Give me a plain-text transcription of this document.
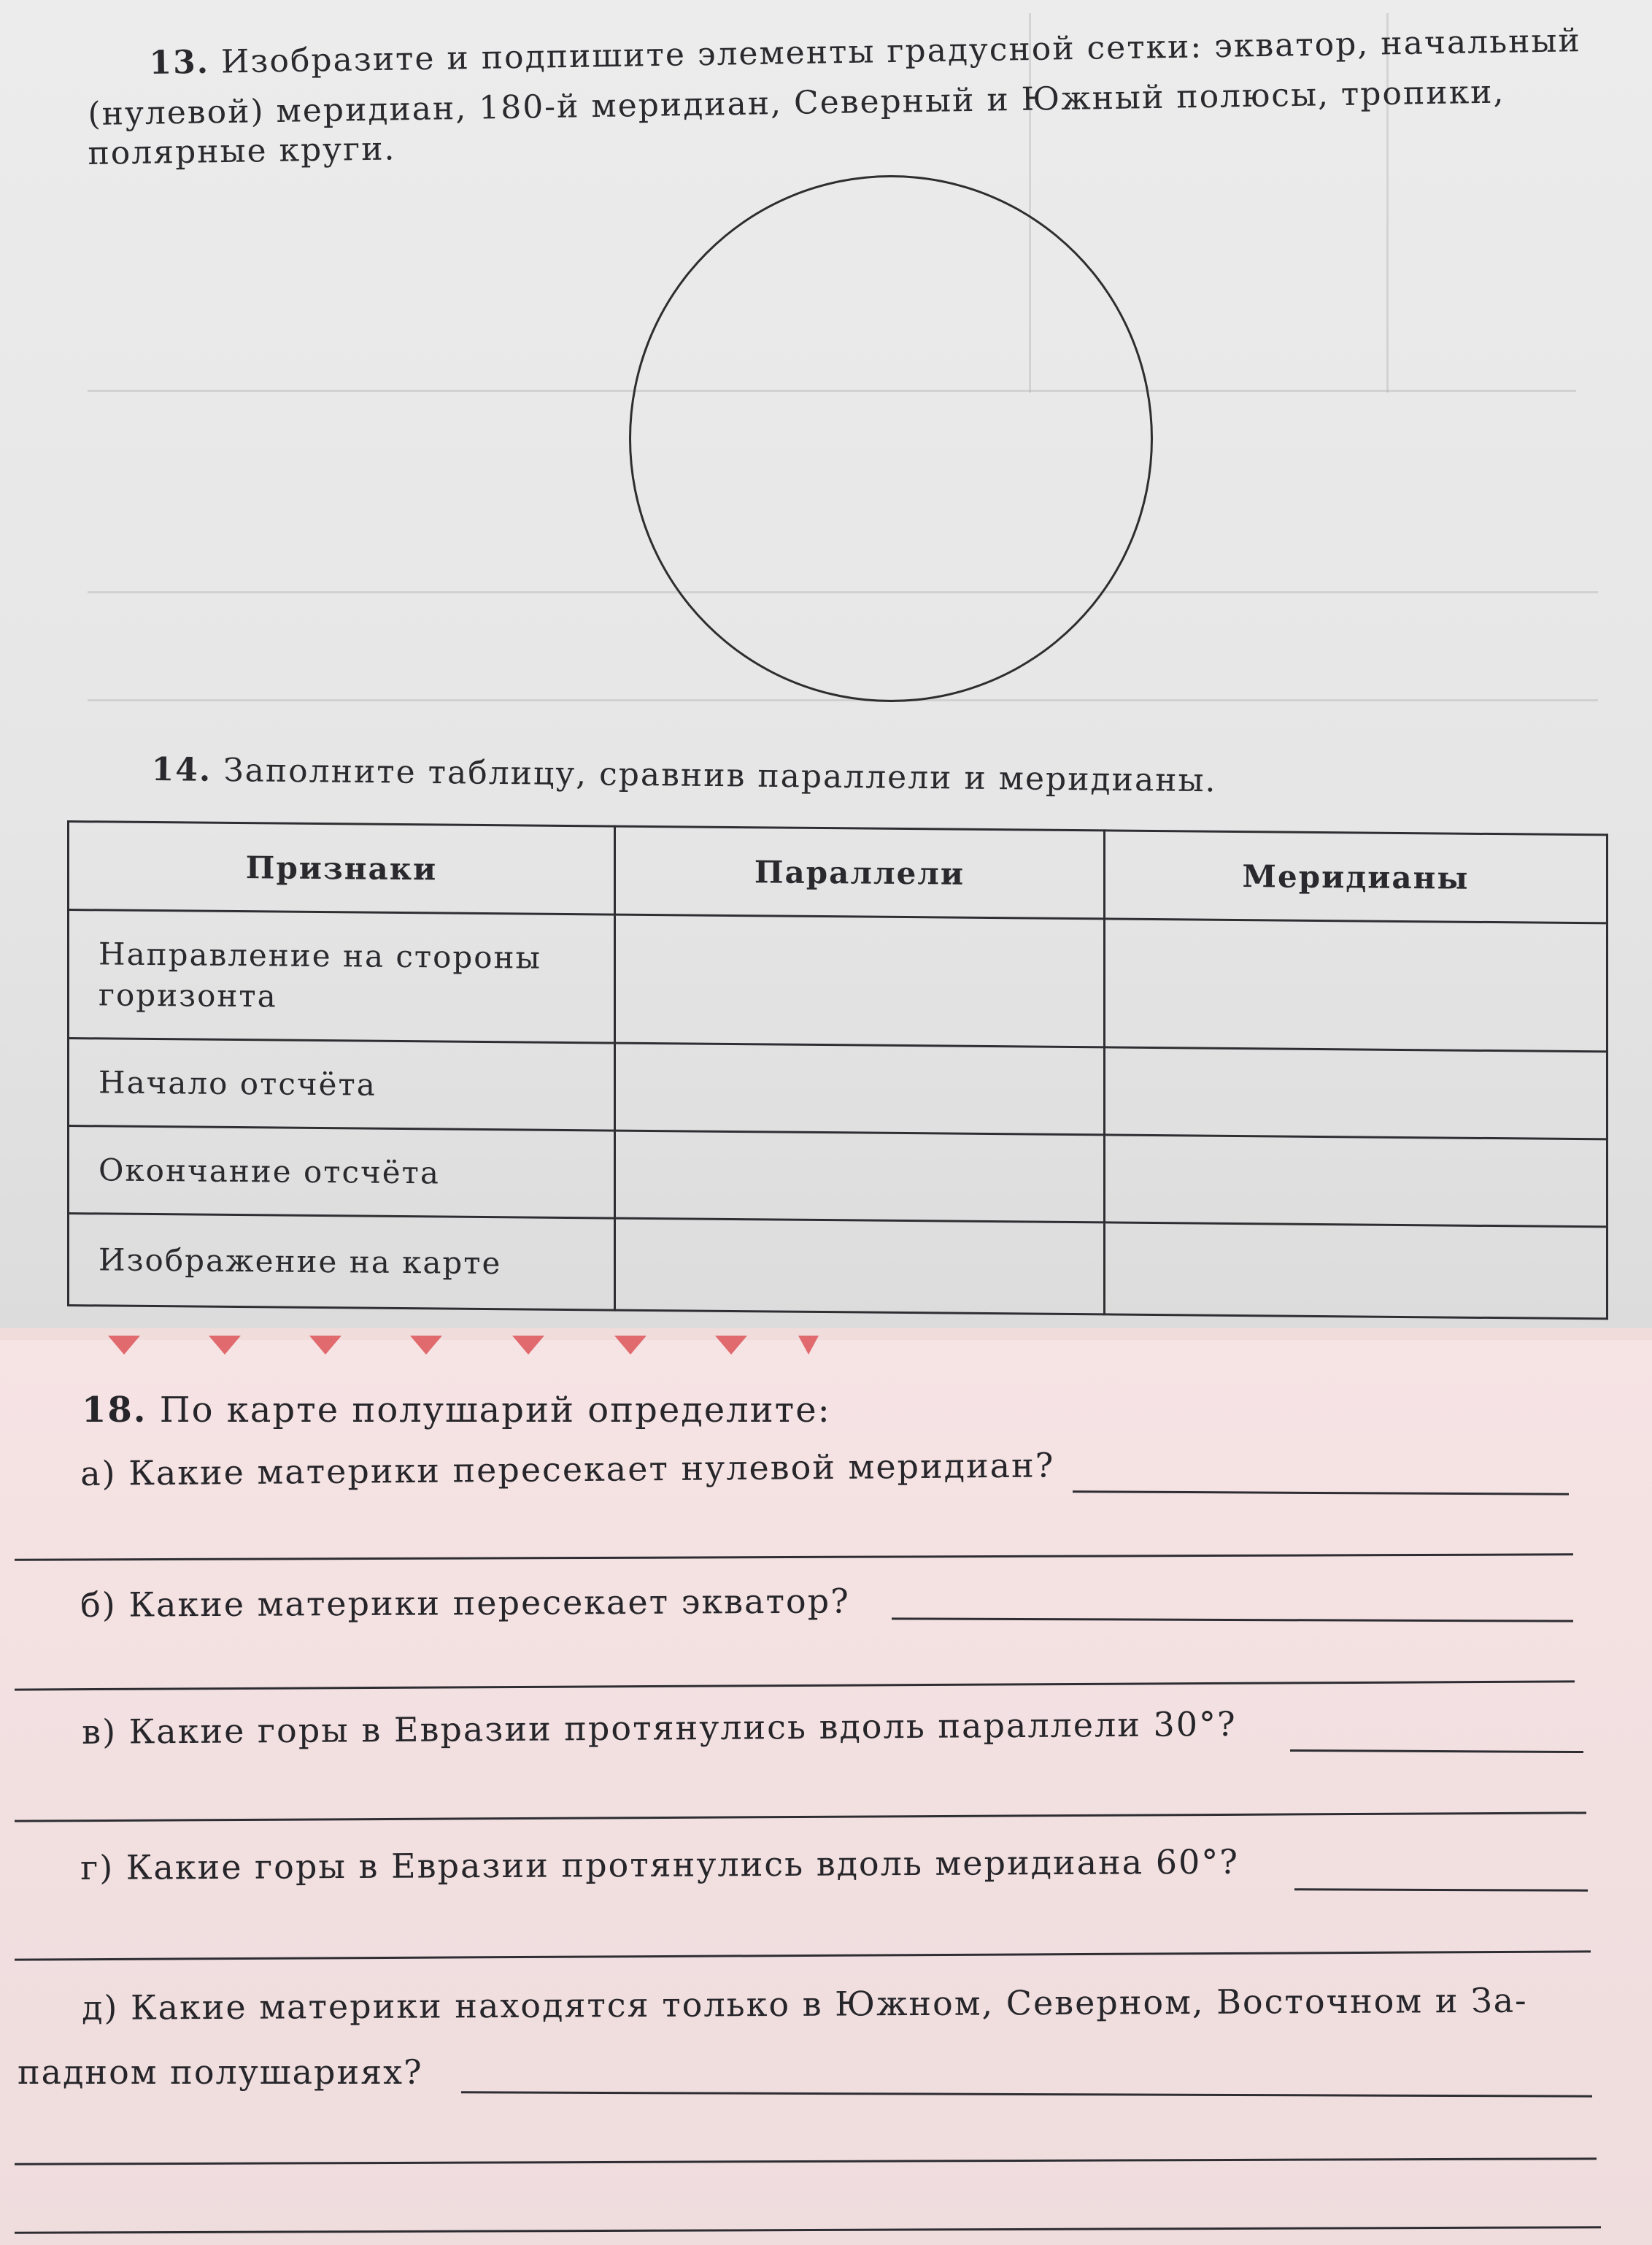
13. Изобразите и подпишите элементы градусной сетки: экватор, начальный
(нулевой) меридиан, 180-й меридиан, Северный и Южный полюсы, тропики,
полярные круги.
14. Заполните таблицу, сравнив параллели и меридианы.
Признаки	Параллели	Меридианы
Направление на стороны
горизонта		
Начало отсчёта		
Окончание отсчёта		
Изображение на карте		
18. По карте полушарий определите:
а) Какие материки пересекает нулевой меридиан?
б) Какие материки пересекает экватор?
в) Какие горы в Евразии протянулись вдоль параллели 30°?
г) Какие горы в Евразии протянулись вдоль меридиана 60°?
д) Какие материки находятся только в Южном, Северном, Восточном и За-
падном полушариях?
